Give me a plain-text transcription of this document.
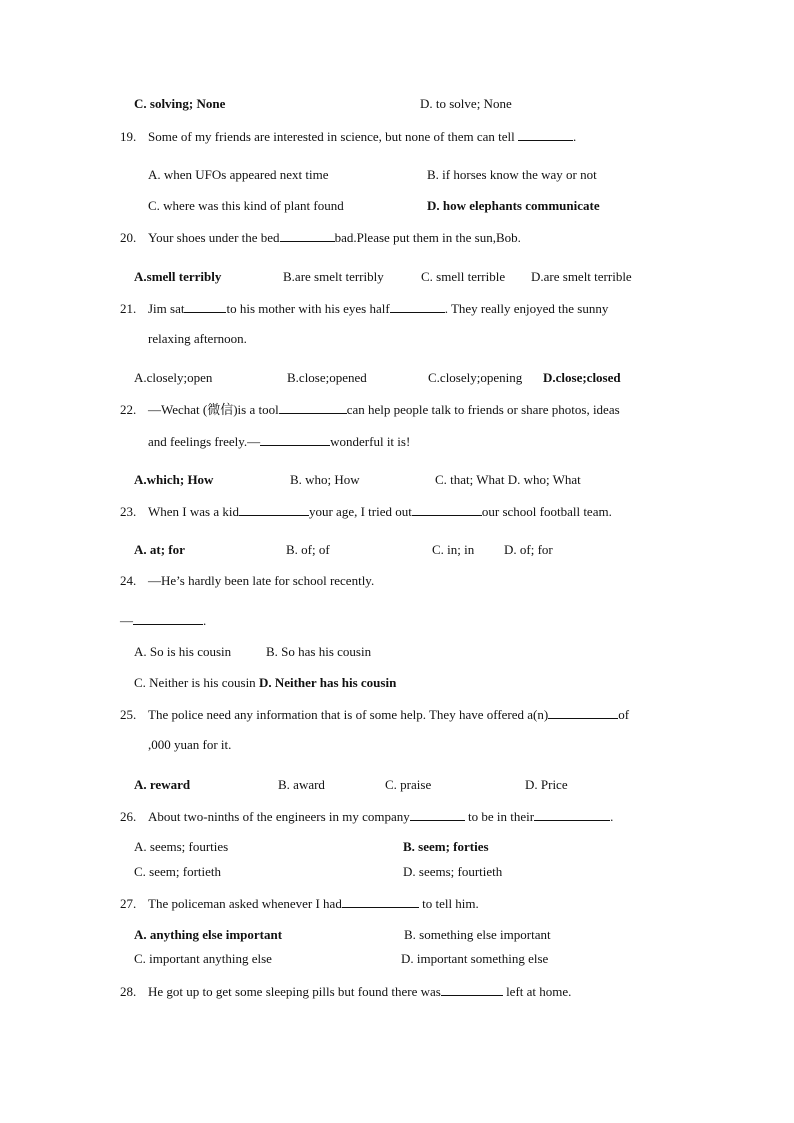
C. solving; None	D. to solve; None
19. Some of my friends are interested in science, but none of them can tell	.
A. when UFOs appeared next time	B. if horses know the way or not
C. where was this kind of plant found	D. how elephants communicate
20. Your shoes under the bed	bad.Please put them in the sun,Bob.
A.smell terribly	B.are smelt terribly	C. smell terrible D.are smelt terrible
21. Jim sat	to his mother with his eyes half	. They really enjoyed the sunny
relaxing afternoon.
A.closely;open	B.close;opened	C.closely;opening D.close;closed
22. —Wechat (微信)is a tool	can help people talk to friends or share photos, ideas
and feelings freely.—	wonderful it is!
A.which; How	B. who; How	C. that; What D. who; What
23. When I was a kid	your age, I tried out	our school football team.
A. at; for	B. of; of	C. in; in D. of; for
24. —He’s hardly been late for school recently.
—	.
A. So is his cousin	B. So has his cousin
C. Neither is his cousin D. Neither has his cousin
25. The police need any information that is of some help. They have offered a(n)	of
,000 yuan for it.
A. reward	B. award	C. praise	D. Price
26. About two-ninths of the engineers in my company	to be in their	.
A. seems; fourties	B. seem; forties
C. seem; fortieth	D. seems; fourtieth
27. The policeman asked whenever I had	to tell him.
A. anything else important	B. something else important
C. important anything else	D. important something else
28. He got up to get some sleeping pills but found there was	left at home.
